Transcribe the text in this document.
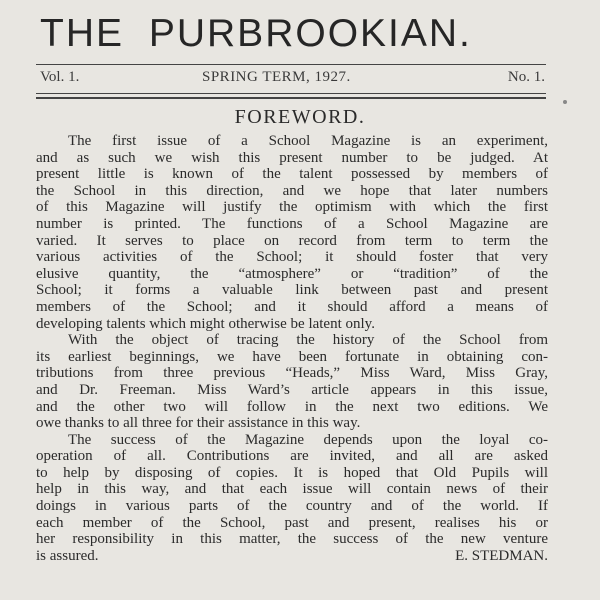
THE PURBROOKIAN.
Vol. 1.	SPRING TERM, 1927.	No. 1.
FOREWORD.
The first issue of a School Magazine is an experiment,
and as such we wish this present number to be judged. At
present little is known of the talent possessed by members of
the School in this direction, and we hope that later numbers
of this Magazine will justify the optimism with which the first
number is printed. The functions of a School Magazine are
varied. It serves to place on record from term to term the
various activities of the School; it should foster that very
elusive quantity, the “atmosphere” or “tradition” of the
School; it forms a valuable link between past and present
members of the School; and it should afford a means of
developing talents which might otherwise be latent only.
With the object of tracing the history of the School from
its earliest beginnings, we have been fortunate in obtaining con-
tributions from three previous “Heads,” Miss Ward, Miss Gray,
and Dr. Freeman. Miss Ward’s article appears in this issue,
and the other two will follow in the next two editions. We
owe thanks to all three for their assistance in this way.
The success of the Magazine depends upon the loyal co-
operation of all. Contributions are invited, and all are asked
to help by disposing of copies. It is hoped that Old Pupils will
help in this way, and that each issue will contain news of their
doings in various parts of the country and of the world. If
each member of the School, past and present, realises his or
her responsibility in this matter, the success of the new venture
is assured.	E. STEDMAN.
